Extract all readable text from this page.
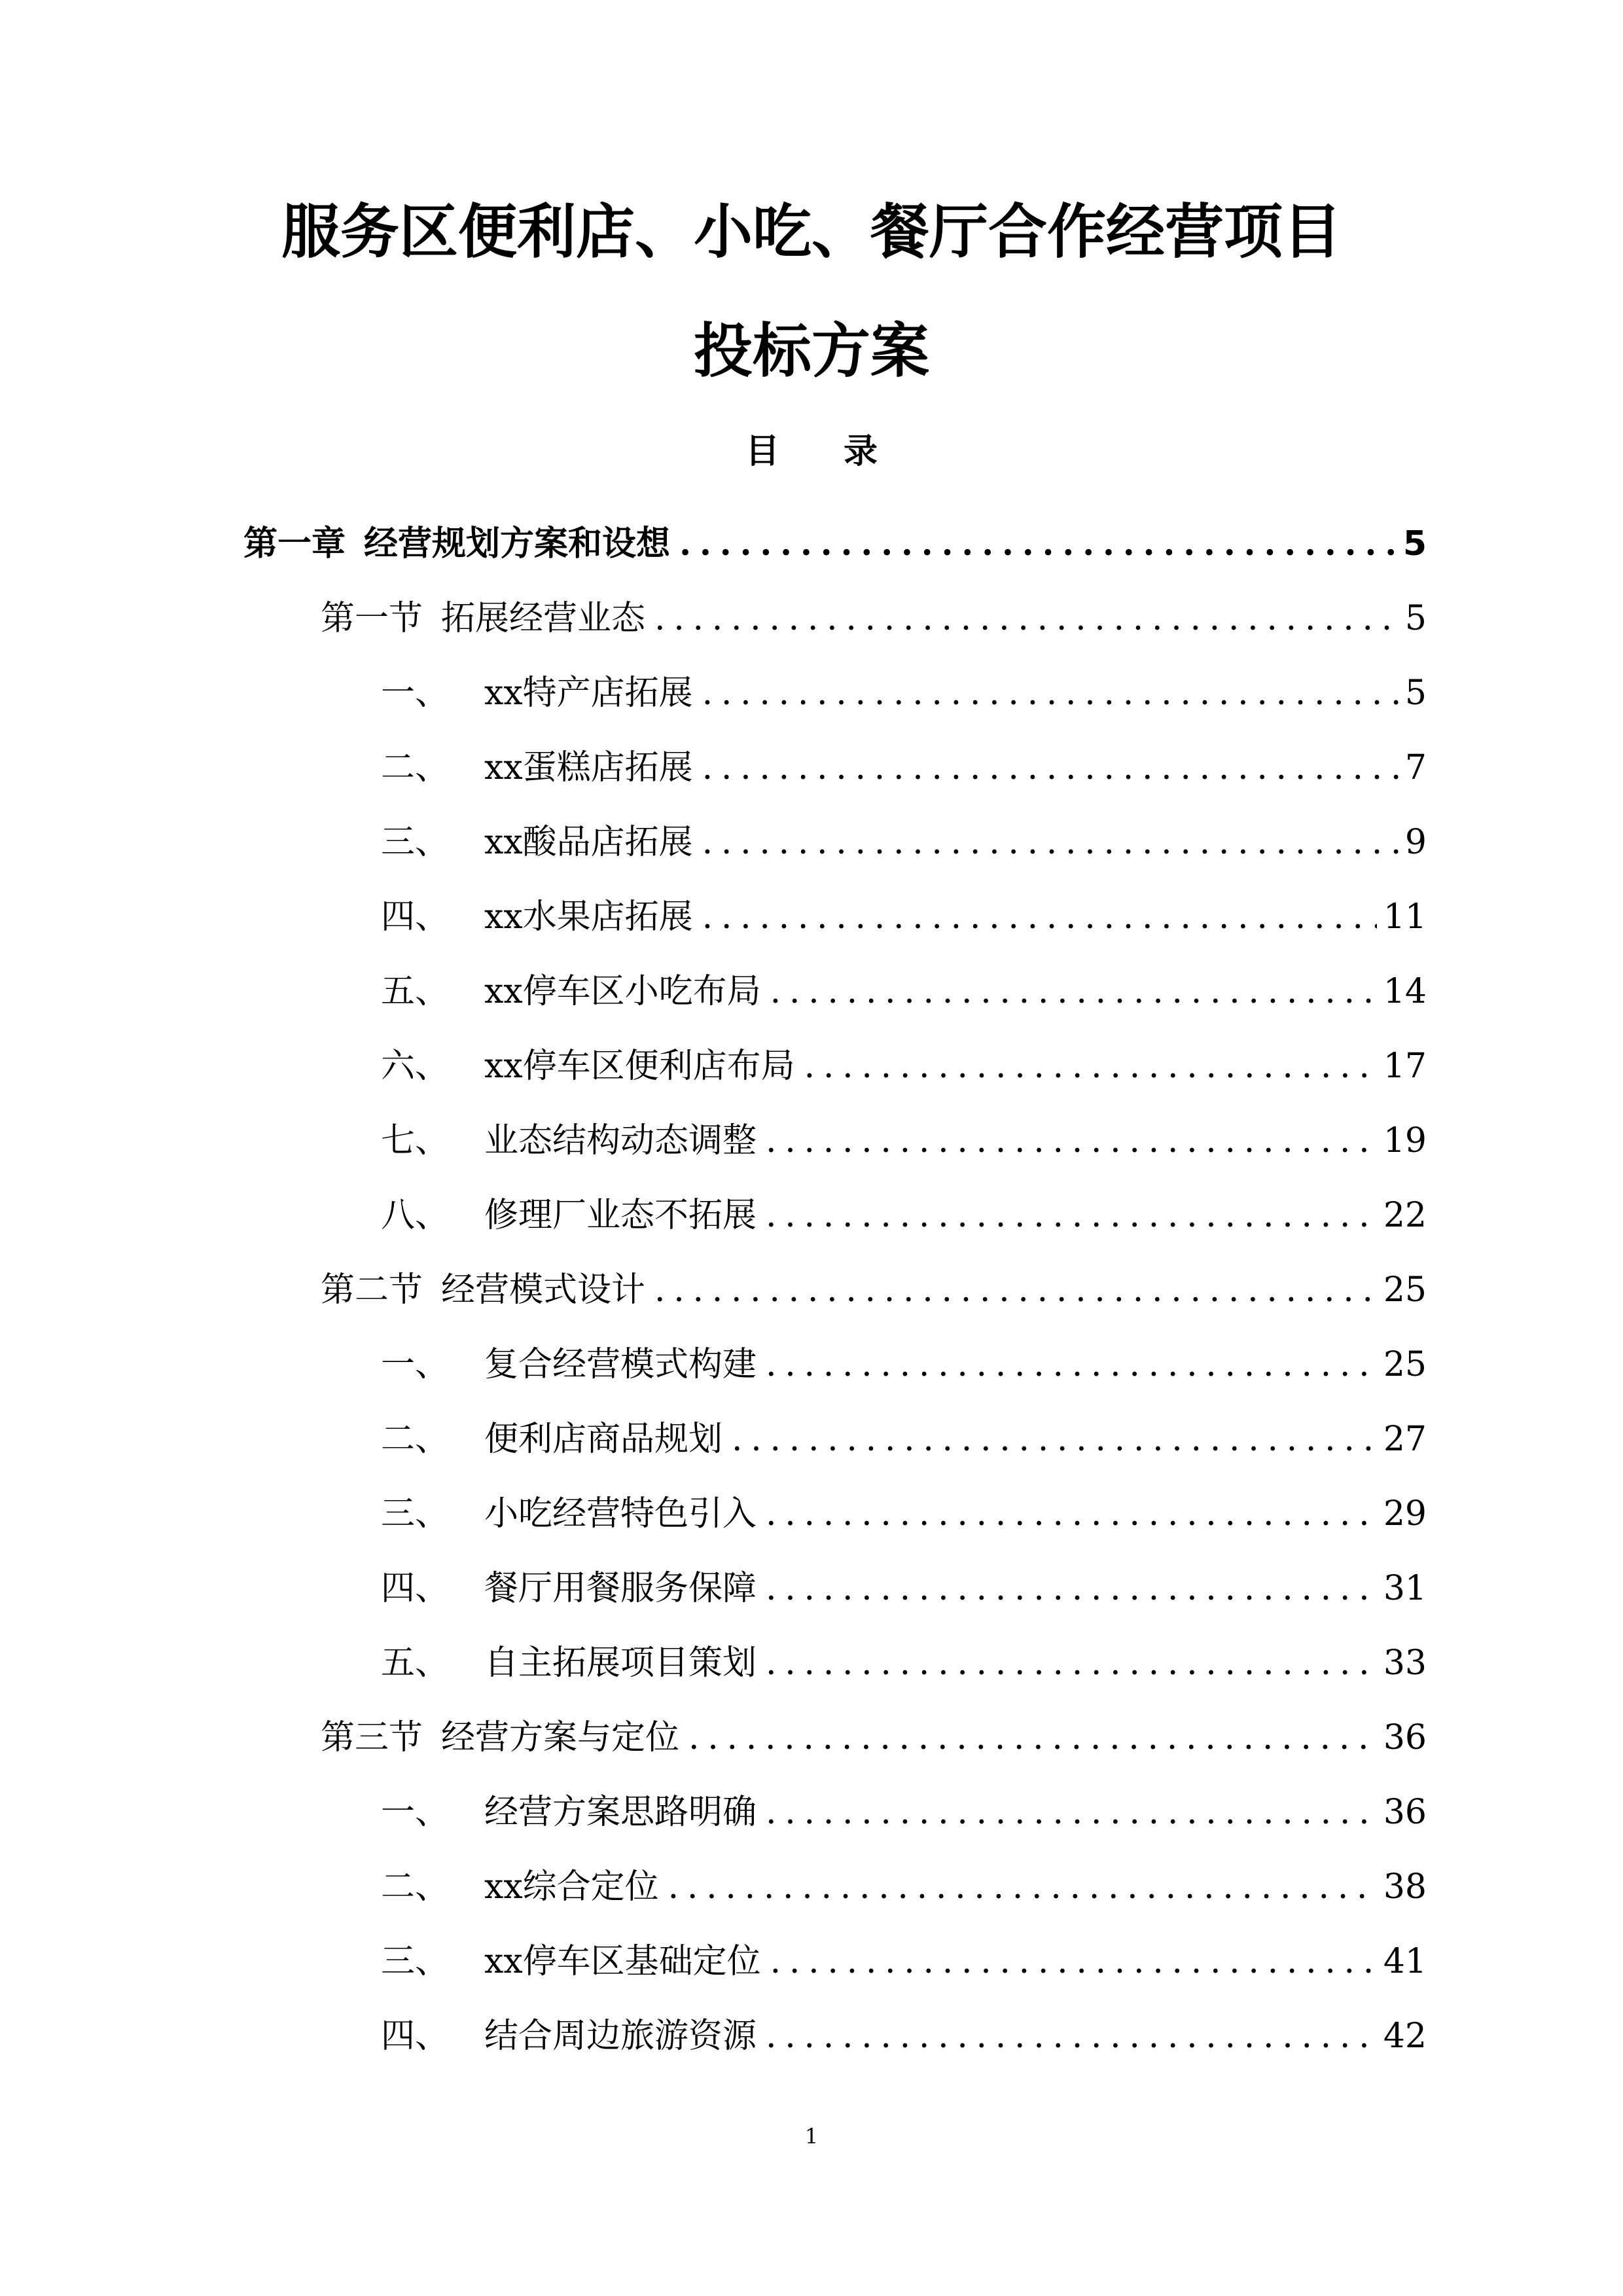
服务区便利店、小吃、餐厅合作经营项目
投标方案
目 录
第一章 经营规划方案和设想 .....	5
第一节 拓展经营业态 .....	5
一、 xx特产店拓展 .....	5
二、 xx蛋糕店拓展 .....	7
三、 xx酸品店拓展 .....	9
四、 xx水果店拓展 .....	11
五、 xx停车区小吃布局 .....	14
六、 xx停车区便利店布局 .....	17
七、 业态结构动态调整 .....	19
八、 修理厂业态不拓展 .....	22
第二节 经营模式设计 .....	25
一、 复合经营模式构建 .....	25
二、 便利店商品规划 .....	27
三、 小吃经营特色引入 .....	29
四、 餐厅用餐服务保障 .....	31
五、 自主拓展项目策划 .....	33
第三节 经营方案与定位 .....	36
一、 经营方案思路明确 .....	36
二、 xx综合定位 .....	38
三、 xx停车区基础定位 .....	41
四、 结合周边旅游资源 .....	42
1
